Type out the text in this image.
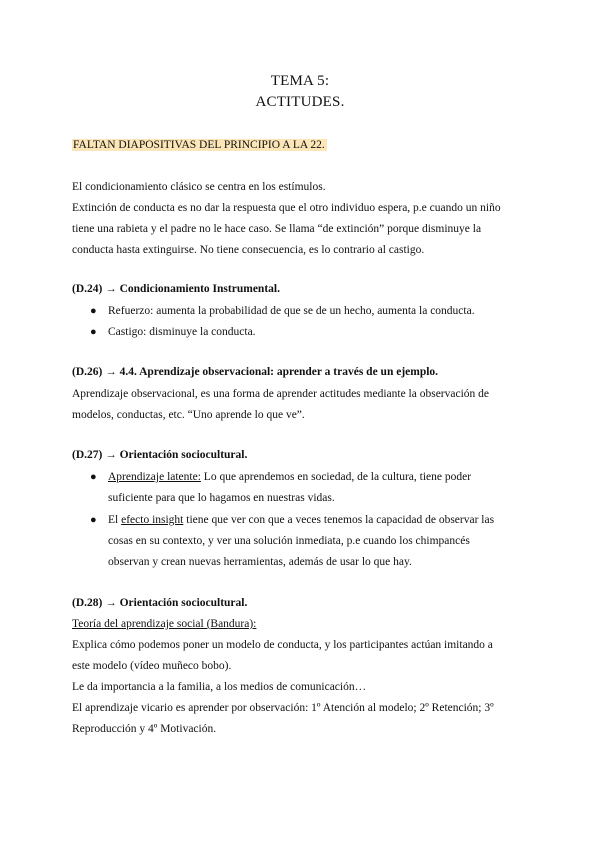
TEMA 5:
ACTITUDES.
FALTAN DIAPOSITIVAS DEL PRINCIPIO A LA 22.
El condicionamiento clásico se centra en los estímulos.
Extinción de conducta es no dar la respuesta que el otro individuo espera, p.e cuando un niño
tiene una rabieta y el padre no le hace caso. Se llama “de extinción” porque disminuye la
conducta hasta extinguirse. No tiene consecuencia, es lo contrario al castigo.
(D.24) → Condicionamiento Instrumental.
● Refuerzo: aumenta la probabilidad de que se de un hecho, aumenta la conducta.
● Castigo: disminuye la conducta.
(D.26) → 4.4. Aprendizaje observacional: aprender a través de un ejemplo.
Aprendizaje observacional, es una forma de aprender actitudes mediante la observación de
modelos, conductas, etc. “Uno aprende lo que ve”.
(D.27) → Orientación sociocultural.
● Aprendizaje latente: Lo que aprendemos en sociedad, de la cultura, tiene poder
suficiente para que lo hagamos en nuestras vidas.
● El efecto insight tiene que ver con que a veces tenemos la capacidad de observar las
cosas en su contexto, y ver una solución inmediata, p.e cuando los chimpancés
observan y crean nuevas herramientas, además de usar lo que hay.
(D.28) → Orientación sociocultural.
Teoría del aprendizaje social (Bandura):
Explica cómo podemos poner un modelo de conducta, y los participantes actúan imitando a
este modelo (vídeo muñeco bobo).
Le da importancia a la familia, a los medios de comunicación…
El aprendizaje vicario es aprender por observación: 1º Atención al modelo; 2º Retención; 3º
Reproducción y 4º Motivación.
